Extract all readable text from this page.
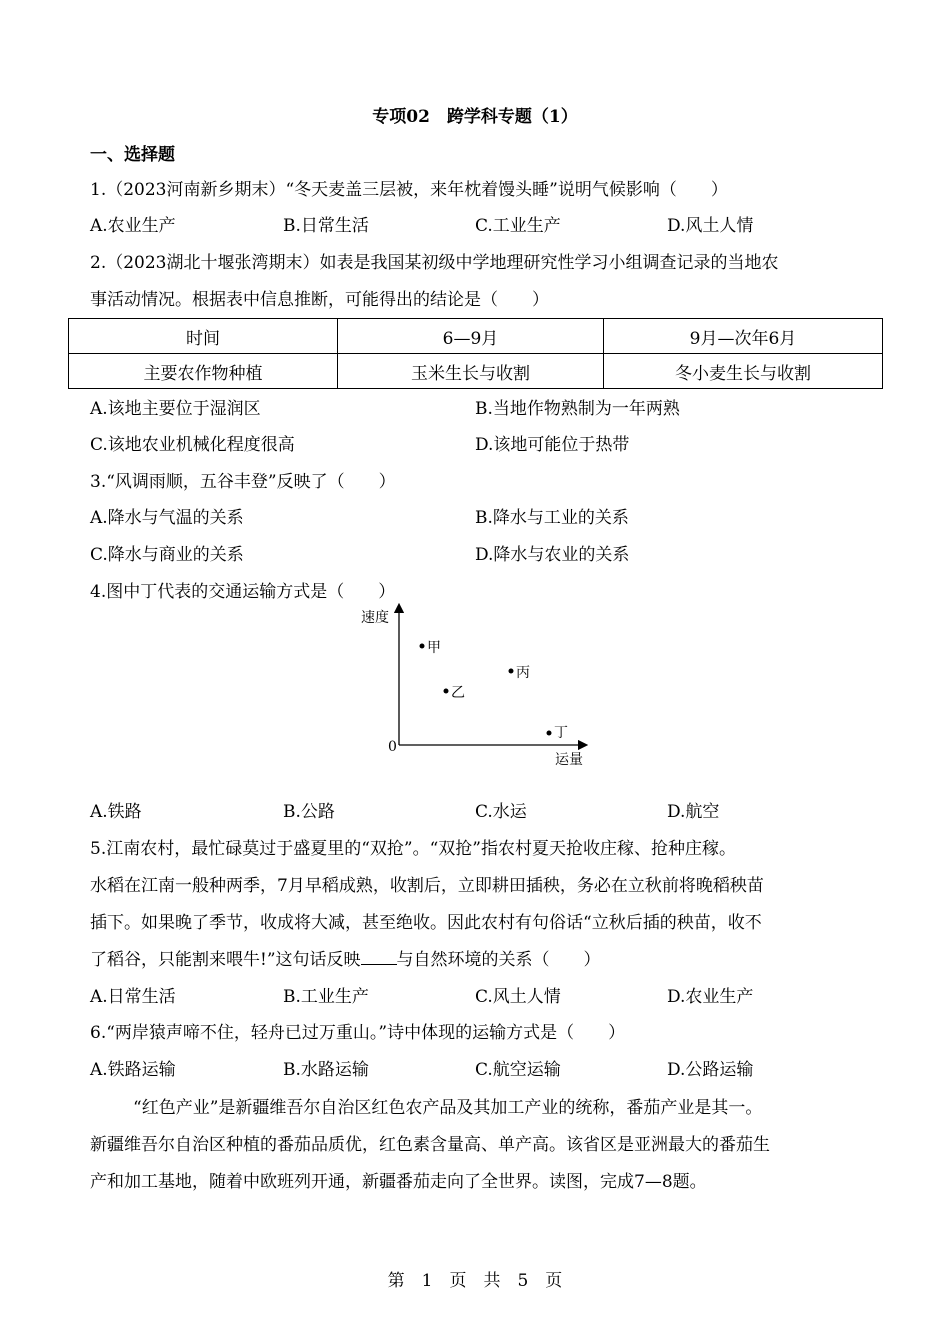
专项02　跨学科专题（1）
一、选择题
1.（2023河南新乡期末）“冬天麦盖三层被，来年枕着馒头睡”说明气候影响（　　）
A.农业生产	B.日常生活	C.工业生产	D.风土人情
2.（2023湖北十堰张湾期末）如表是我国某初级中学地理研究性学习小组调查记录的当地农
事活动情况。根据表中信息推断，可能得出的结论是（　　）
时间	6—9月	9月—次年6月
主要农作物种植	玉米生长与收割	冬小麦生长与收割
A.该地主要位于湿润区	B.当地作物熟制为一年两熟
C.该地农业机械化程度很高	D.该地可能位于热带
3.“风调雨顺，五谷丰登”反映了（　　）
A.降水与气温的关系	B.降水与工业的关系
C.降水与商业的关系	D.降水与农业的关系
4.图中丁代表的交通运输方式是（　　）
速度
运量
0
甲
乙
丙
丁
A.铁路	B.公路	C.水运	D.航空
5.江南农村，最忙碌莫过于盛夏里的“双抢”。“双抢”指农村夏天抢收庄稼、抢种庄稼。
水稻在江南一般种两季，7月早稻成熟，收割后，立即耕田插秧，务必在立秋前将晚稻秧苗
插下。如果晚了季节，收成将大减，甚至绝收。因此农村有句俗话“立秋后插的秧苗，收不
了稻谷，只能割来喂牛!”这句话反映 与自然环境的关系（　　）
A.日常生活	B.工业生产	C.风土人情	D.农业生产
6.“两岸猿声啼不住，轻舟已过万重山。”诗中体现的运输方式是（　　）
A.铁路运输	B.水路运输	C.航空运输	D.公路运输
“红色产业”是新疆维吾尔自治区红色农产品及其加工产业的统称，番茄产业是其一。
新疆维吾尔自治区种植的番茄品质优，红色素含量高、单产高。该省区是亚洲最大的番茄生
产和加工基地，随着中欧班列开通，新疆番茄走向了全世界。读图，完成7—8题。
第　1　页　共　5　页
